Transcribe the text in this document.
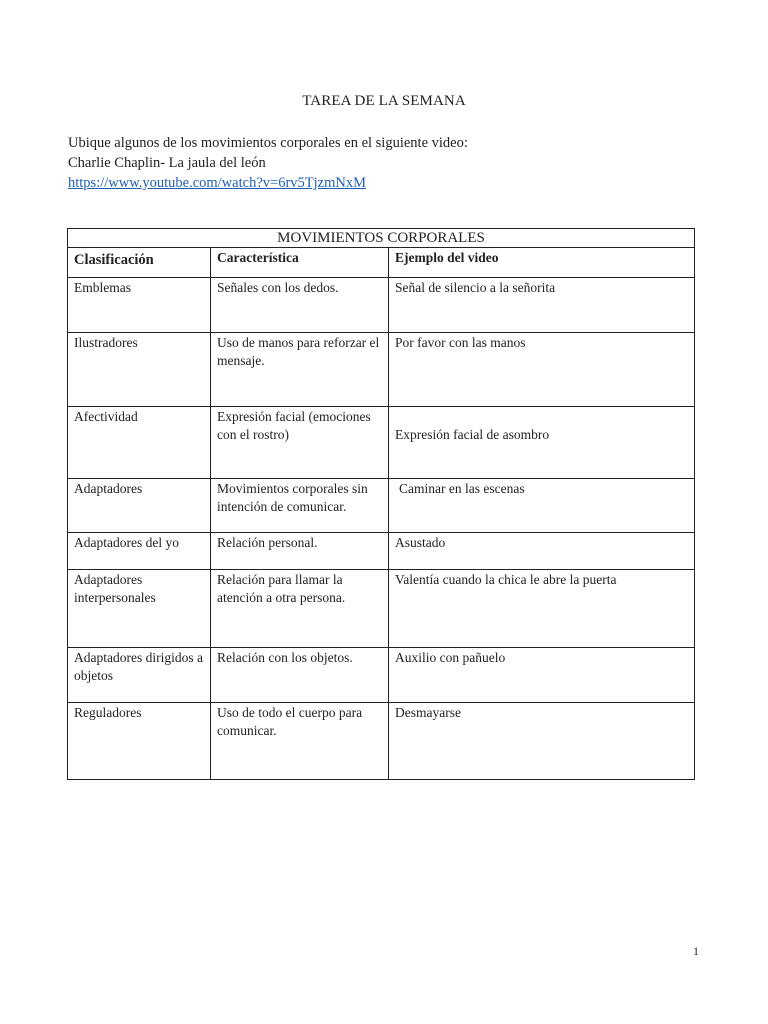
TAREA DE LA SEMANA
Ubique algunos de los movimientos corporales en el siguiente video:
Charlie Chaplin- La jaula del león
https://www.youtube.com/watch?v=6rv5TjzmNxM
MOVIMIENTOS CORPORALES		
Clasificación	Característica	Ejemplo del video
Emblemas	Señales con los dedos.	Señal de silencio a la señorita
Ilustradores	Uso de manos para reforzar el mensaje.	Por favor con las manos
Afectividad	Expresión facial (emociones con el rostro)	Expresión facial de asombro
Adaptadores	Movimientos corporales sin intención de comunicar.	Caminar en las escenas
Adaptadores del yo	Relación personal.	Asustado
Adaptadores interpersonales	Relación para llamar la atención a otra persona.	Valentía cuando la chica le abre la puerta
Adaptadores dirigidos a objetos	Relación con los objetos.	Auxilio con pañuelo
Reguladores	Uso de todo el cuerpo para comunicar.	Desmayarse
1
